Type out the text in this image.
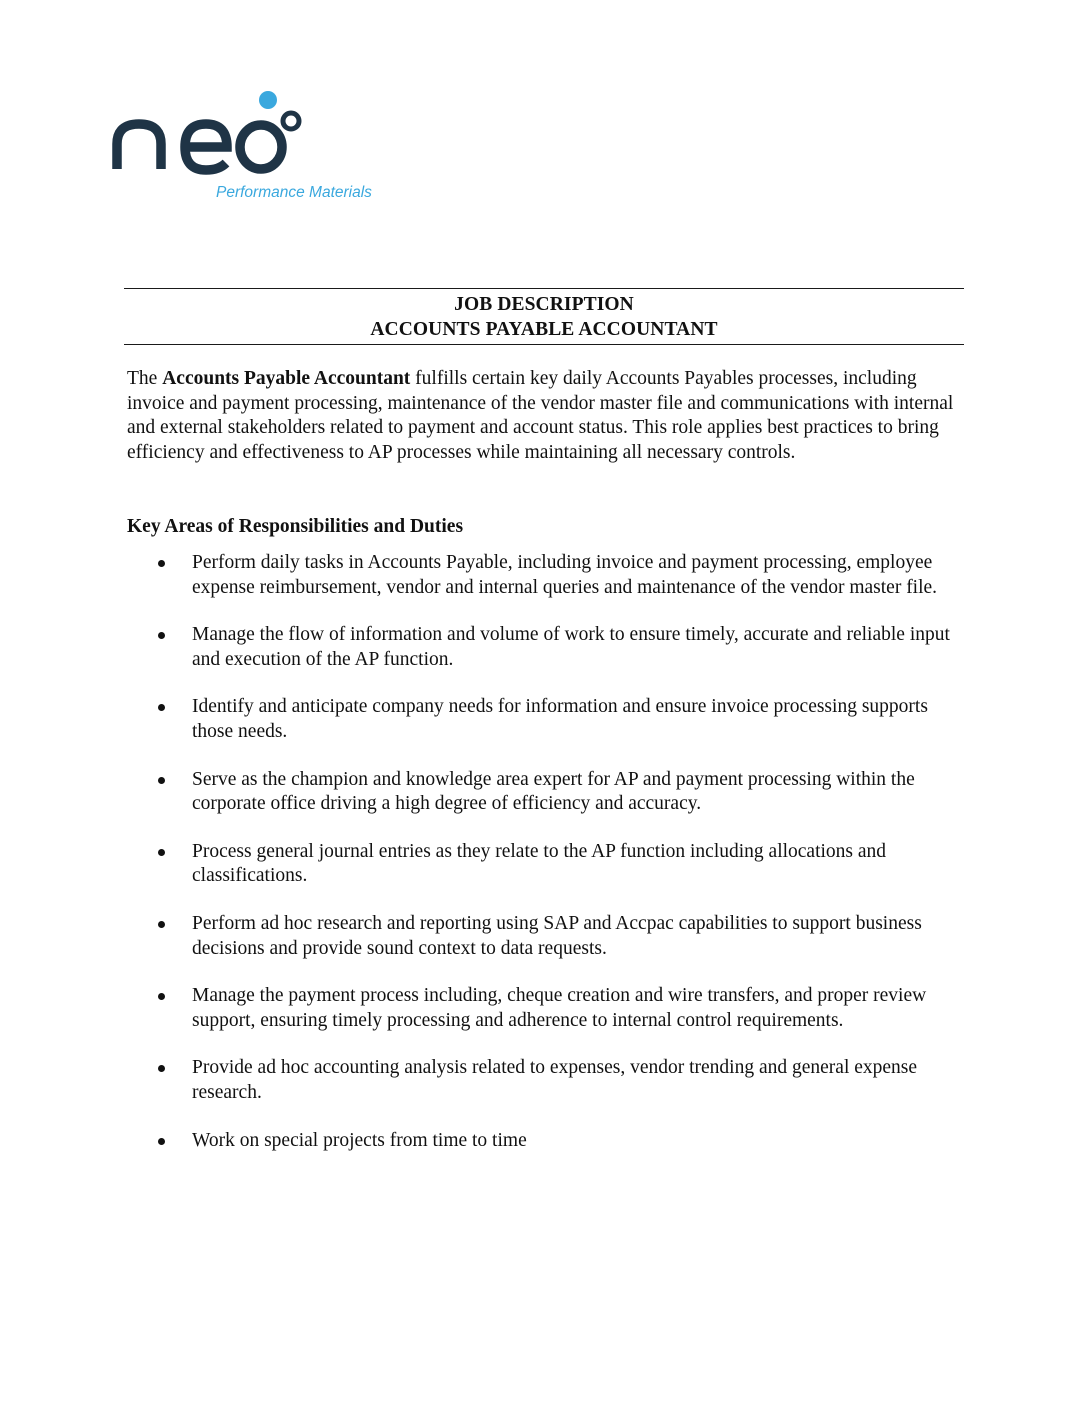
Performance Materials
JOB DESCRIPTION
ACCOUNTS PAYABLE ACCOUNTANT

The Accounts Payable Accountant fulfills certain key daily Accounts Payables processes, including invoice and payment processing, maintenance of the vendor master file and communications with internal and external stakeholders related to payment and account status. This role applies best practices to bring efficiency and effectiveness to AP processes while maintaining all necessary controls.

Key Areas of Responsibilities and Duties
Perform daily tasks in Accounts Payable, including invoice and payment processing, employee expense reimbursement, vendor and internal queries and maintenance of the vendor master file.
Manage the flow of information and volume of work to ensure timely, accurate and reliable input and execution of the AP function.
Identify and anticipate company needs for information and ensure invoice processing supports those needs.
Serve as the champion and knowledge area expert for AP and payment processing within the corporate office driving a high degree of efficiency and accuracy.
Process general journal entries as they relate to the AP function including allocations and classifications.
Perform ad hoc research and reporting using SAP and Accpac capabilities to support business decisions and provide sound context to data requests.
Manage the payment process including, cheque creation and wire transfers, and proper review support, ensuring timely processing and adherence to internal control requirements.
Provide ad hoc accounting analysis related to expenses, vendor trending and general expense research.
Work on special projects from time to time
